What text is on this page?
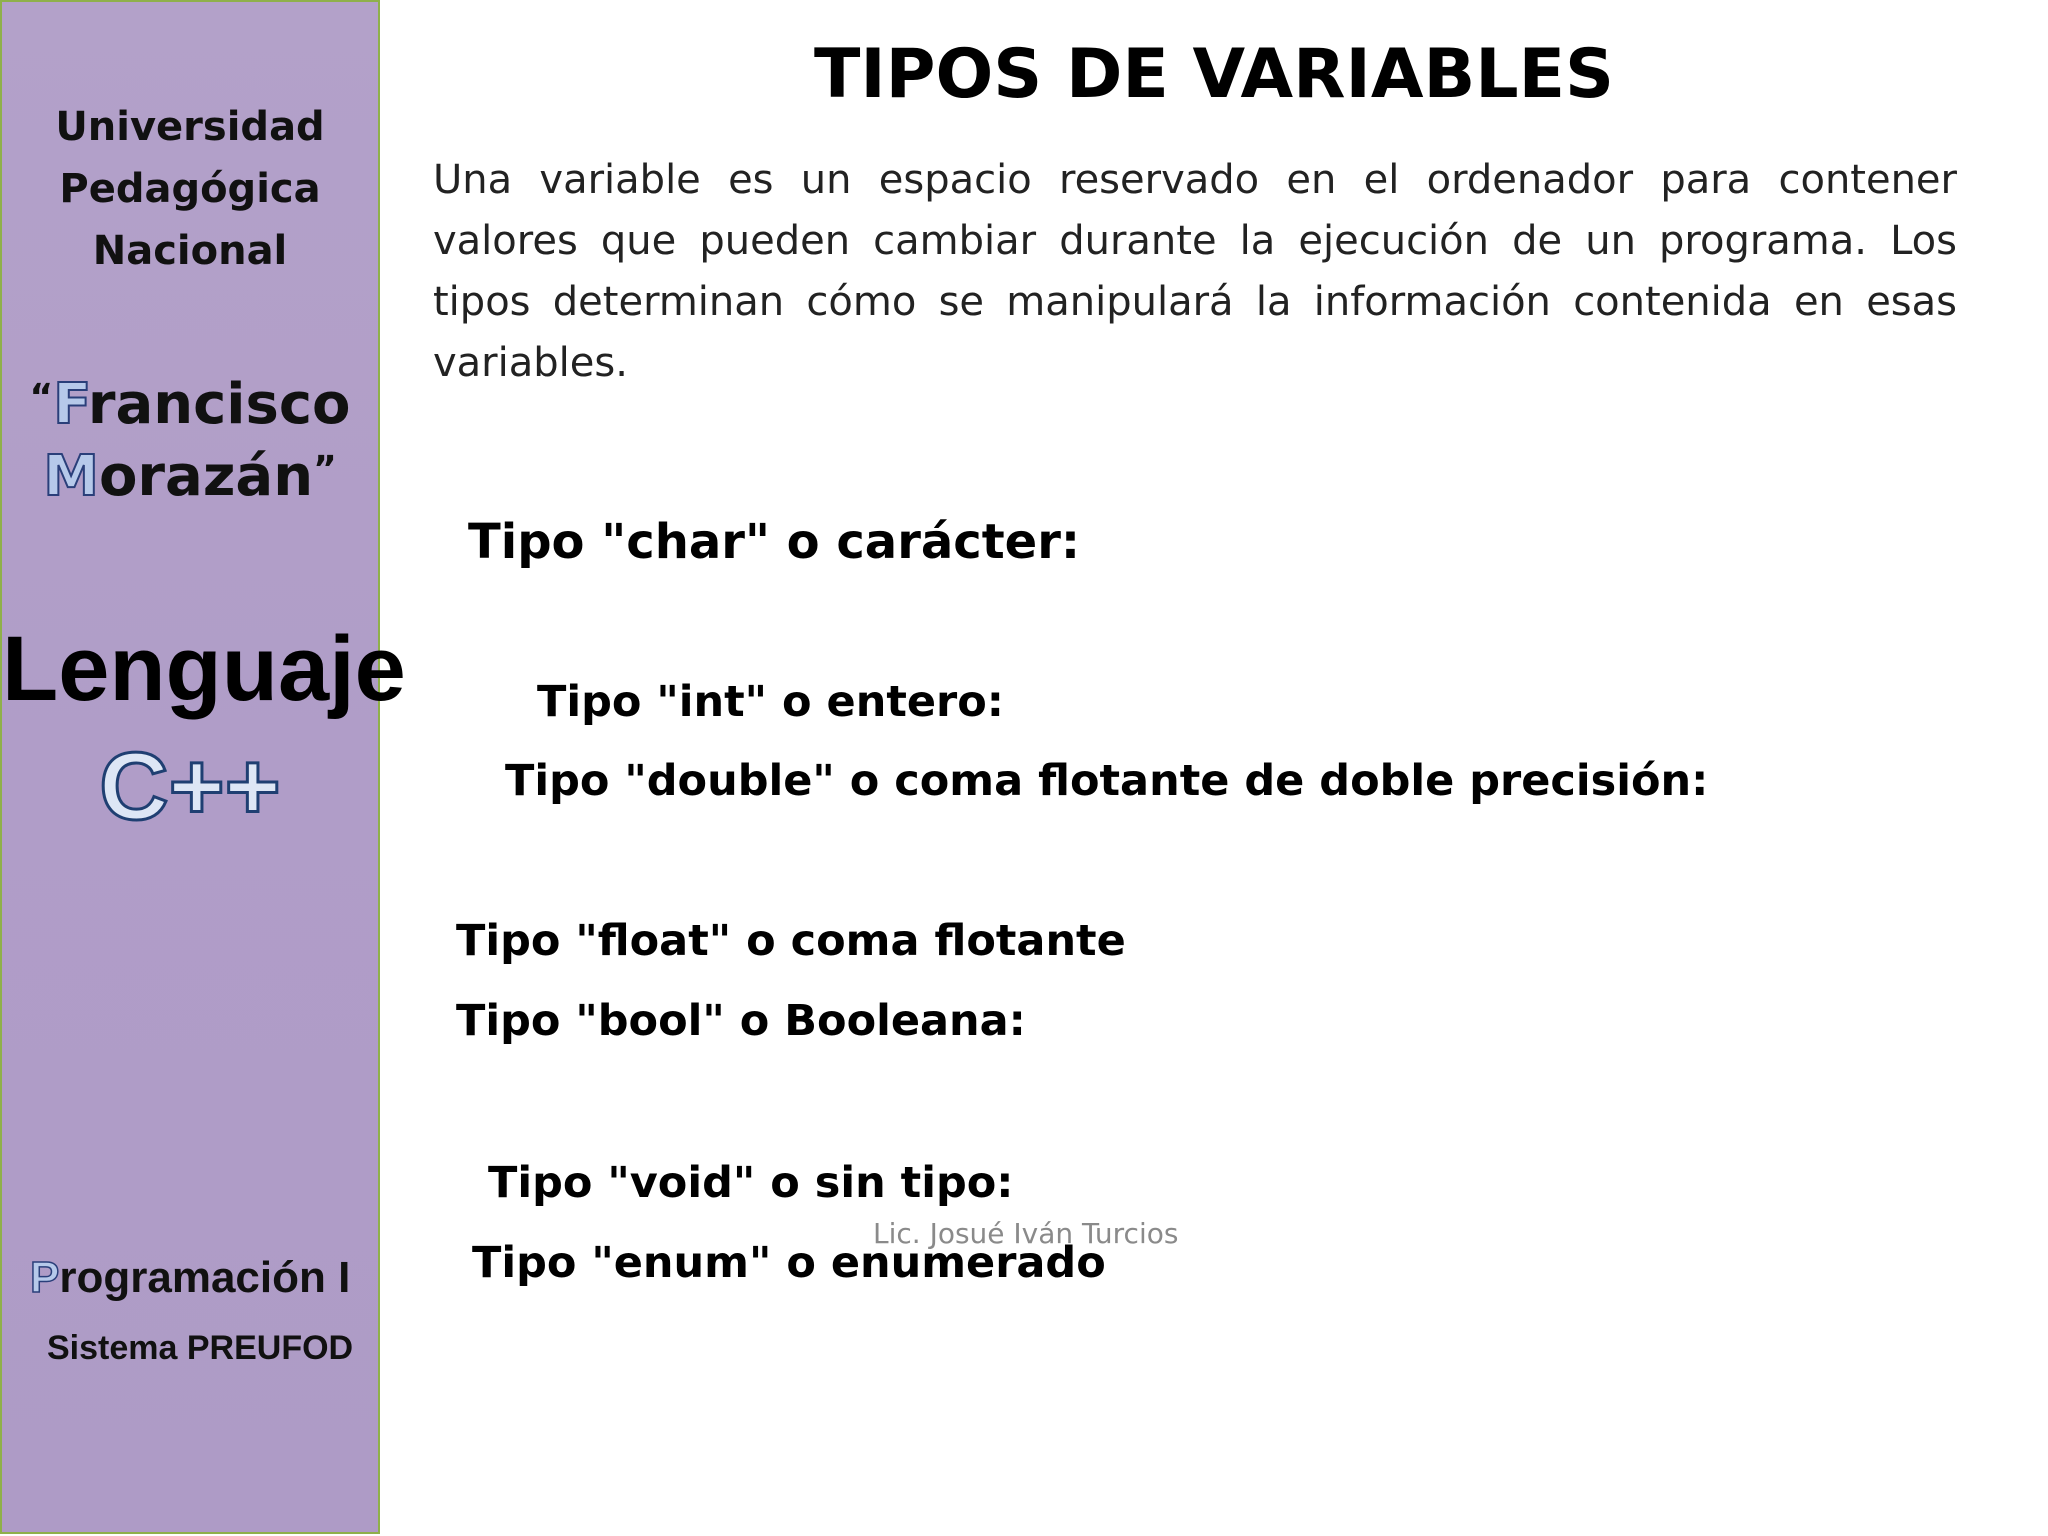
Universidad
Pedagógica
Nacional
“Francisco
Morazán”
Lenguaje
C++
Programación I
Sistema PREUFOD
TIPOS DE VARIABLES

Una variable es un espacio reservado en el ordenador para contener valores que pueden cambiar durante la ejecución de un programa. Los tipos determinan cómo se manipulará la información contenida en esas variables.

Tipo "char" o carácter:
Tipo "int" o entero:
Tipo "double" o coma flotante de doble precisión:
Tipo "float" o coma flotante
Tipo "bool" o Booleana:
Tipo "void" o sin tipo:
Tipo "enum" o enumerado
Lic. Josué Iván Turcios
